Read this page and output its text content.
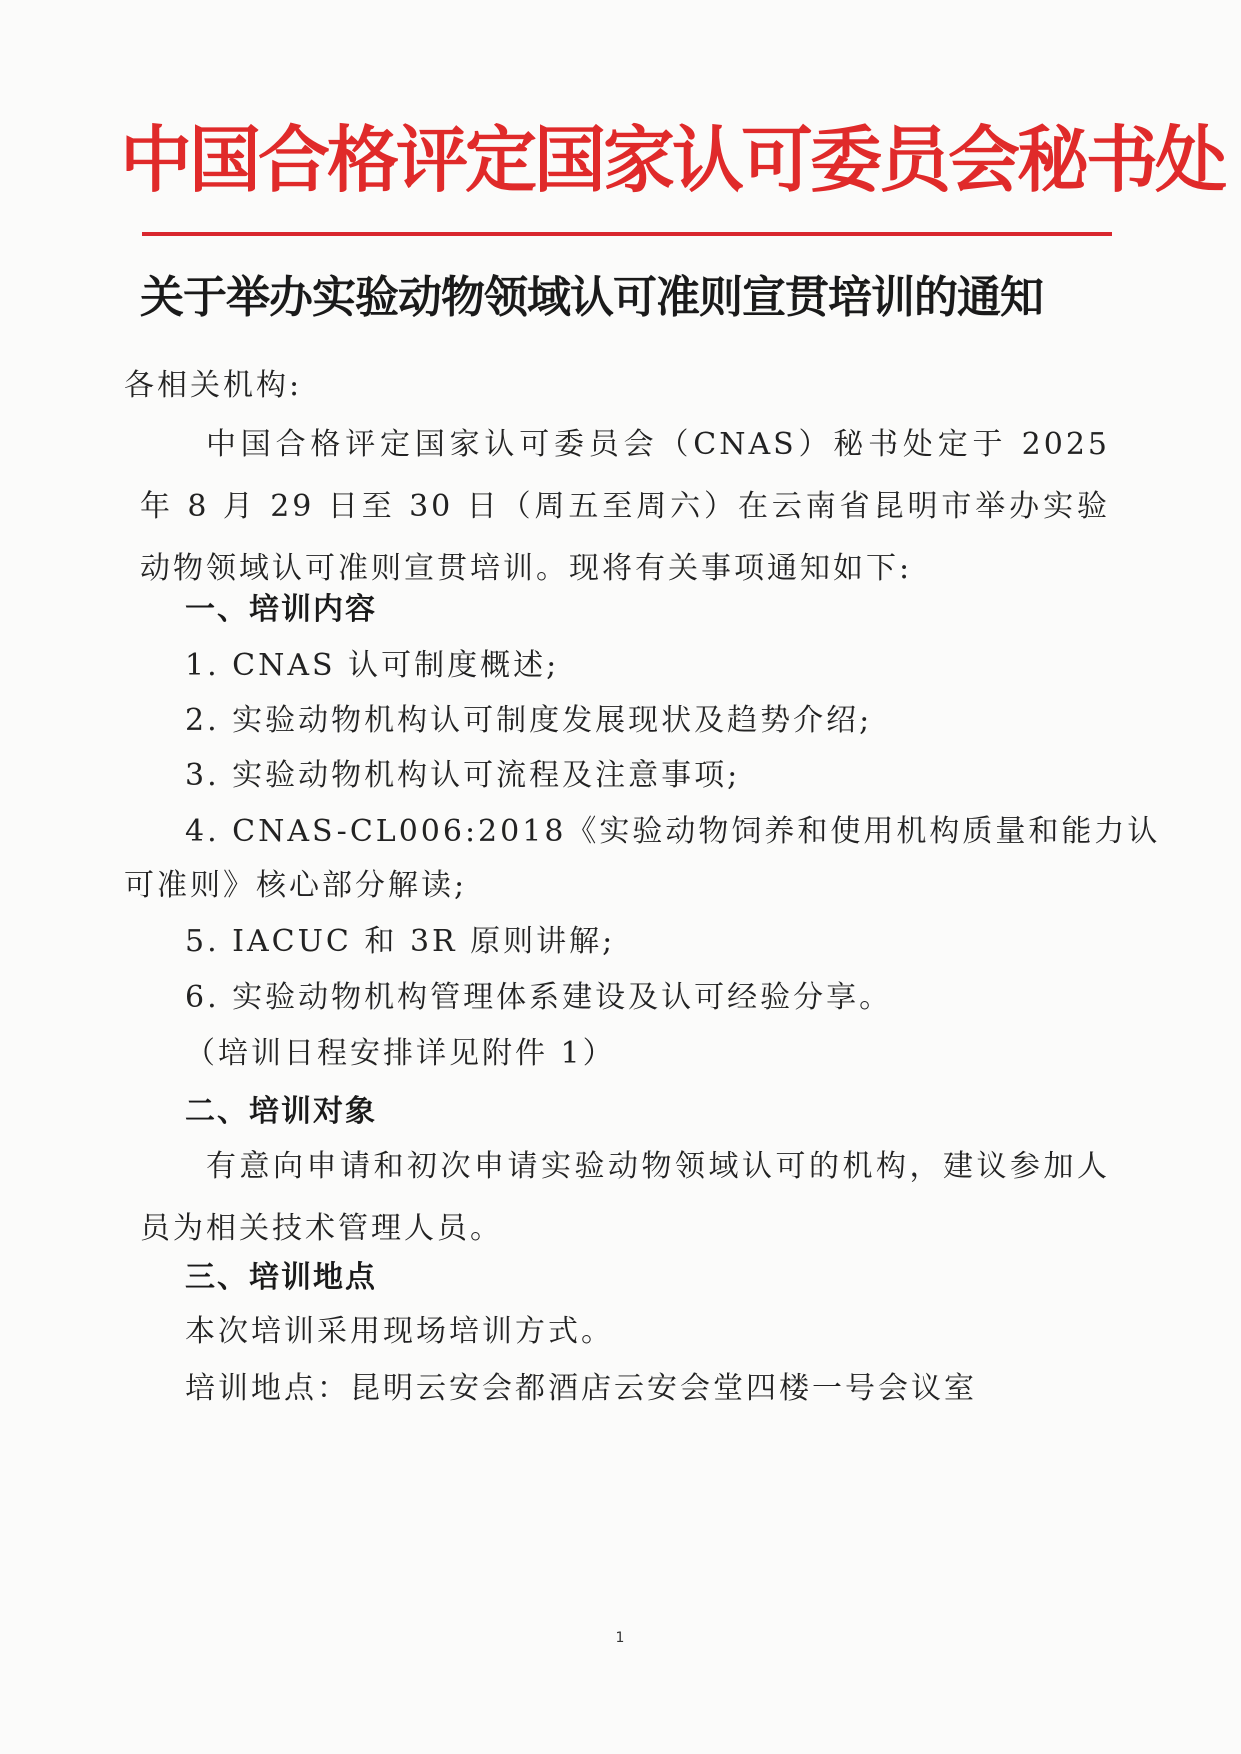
中国合格评定国家认可委员会秘书处
关于举办实验动物领域认可准则宣贯培训的通知
各相关机构:
中国合格评定国家认可委员会（CNAS）秘书处定于 2025 年 8 月 29 日至 30 日（周五至周六）在云南省昆明市举办实验动物领域认可准则宣贯培训。现将有关事项通知如下:
一、培训内容
1. CNAS 认可制度概述;
2. 实验动物机构认可制度发展现状及趋势介绍;
3. 实验动物机构认可流程及注意事项;
4. CNAS-CL006:2018《实验动物饲养和使用机构质量和能力认
可准则》核心部分解读;
5. IACUC 和 3R 原则讲解;
6. 实验动物机构管理体系建设及认可经验分享。
（培训日程安排详见附件 1）
二、培训对象
有意向申请和初次申请实验动物领域认可的机构，建议参加人员为相关技术管理人员。
三、培训地点
本次培训采用现场培训方式。
培训地点：昆明云安会都酒店云安会堂四楼一号会议室
1
